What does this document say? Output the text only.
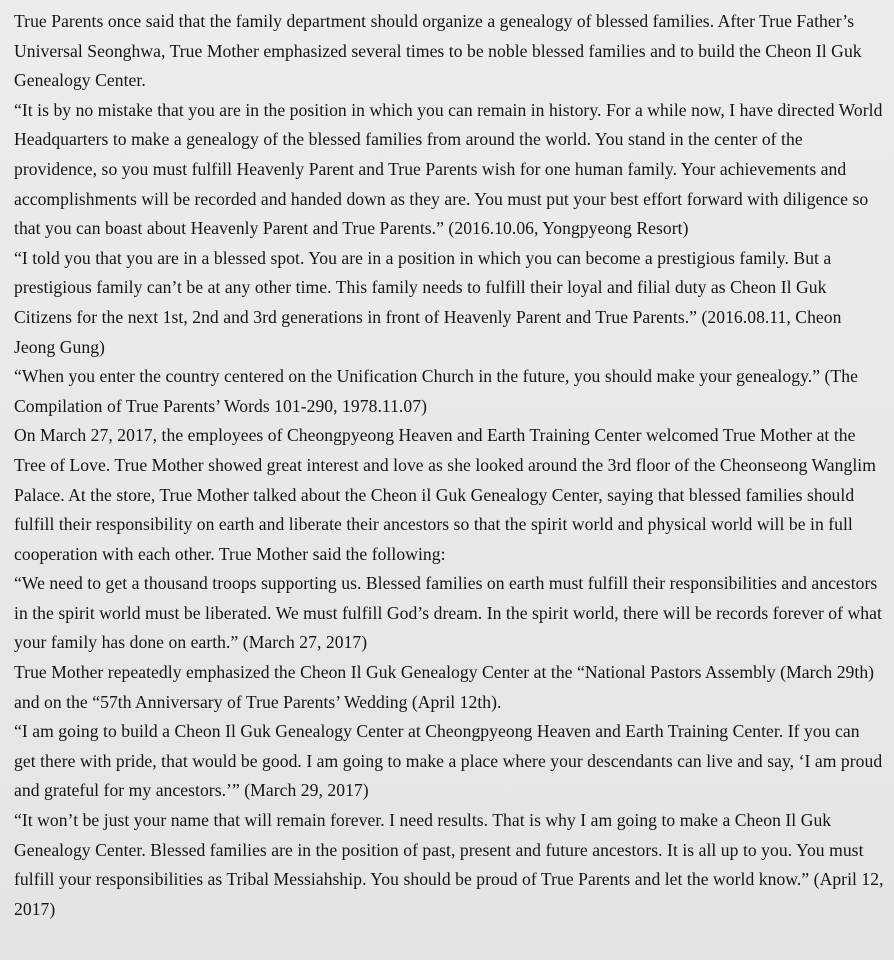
True Parents once said that the family department should organize a genealogy of blessed families. After True Father’s Universal Seonghwa, True Mother emphasized several times to be noble blessed families and to build the Cheon Il Guk Genealogy Center.

“It is by no mistake that you are in the position in which you can remain in history. For a while now, I have directed World Headquarters to make a genealogy of the blessed families from around the world. You stand in the center of the providence, so you must fulfill Heavenly Parent and True Parents wish for one human family. Your achievements and accomplishments will be recorded and handed down as they are. You must put your best effort forward with diligence so that you can boast about Heavenly Parent and True Parents.” (2016.10.06, Yongpyeong Resort)

“I told you that you are in a blessed spot. You are in a position in which you can become a prestigious family. But a prestigious family can’t be at any other time. This family needs to fulfill their loyal and filial duty as Cheon Il Guk Citizens for the next 1st, 2nd and 3rd generations in front of Heavenly Parent and True Parents.” (2016.08.11, Cheon Jeong Gung)

“When you enter the country centered on the Unification Church in the future, you should make your genealogy.” (The Compilation of True Parents’ Words 101-290, 1978.11.07)

On March 27, 2017, the employees of Cheongpyeong Heaven and Earth Training Center welcomed True Mother at the Tree of Love. True Mother showed great interest and love as she looked around the 3rd floor of the Cheonseong Wanglim Palace. At the store, True Mother talked about the Cheon il Guk Genealogy Center, saying that blessed families should fulfill their responsibility on earth and liberate their ancestors so that the spirit world and physical world will be in full cooperation with each other. True Mother said the following:

“We need to get a thousand troops supporting us. Blessed families on earth must fulfill their responsibilities and ancestors in the spirit world must be liberated. We must fulfill God’s dream. In the spirit world, there will be records forever of what your family has done on earth.” (March 27, 2017)

True Mother repeatedly emphasized the Cheon Il Guk Genealogy Center at the “National Pastors Assembly (March 29th) and on the “57th Anniversary of True Parents’ Wedding (April 12th).

“I am going to build a Cheon Il Guk Genealogy Center at Cheongpyeong Heaven and Earth Training Center. If you can get there with pride, that would be good. I am going to make a place where your descendants can live and say, ‘I am proud and grateful for my ancestors.’” (March 29, 2017)

“It won’t be just your name that will remain forever. I need results. That is why I am going to make a Cheon Il Guk Genealogy Center. Blessed families are in the position of past, present and future ancestors. It is all up to you. You must fulfill your responsibilities as Tribal Messiahship. You should be proud of True Parents and let the world know.” (April 12, 2017)
